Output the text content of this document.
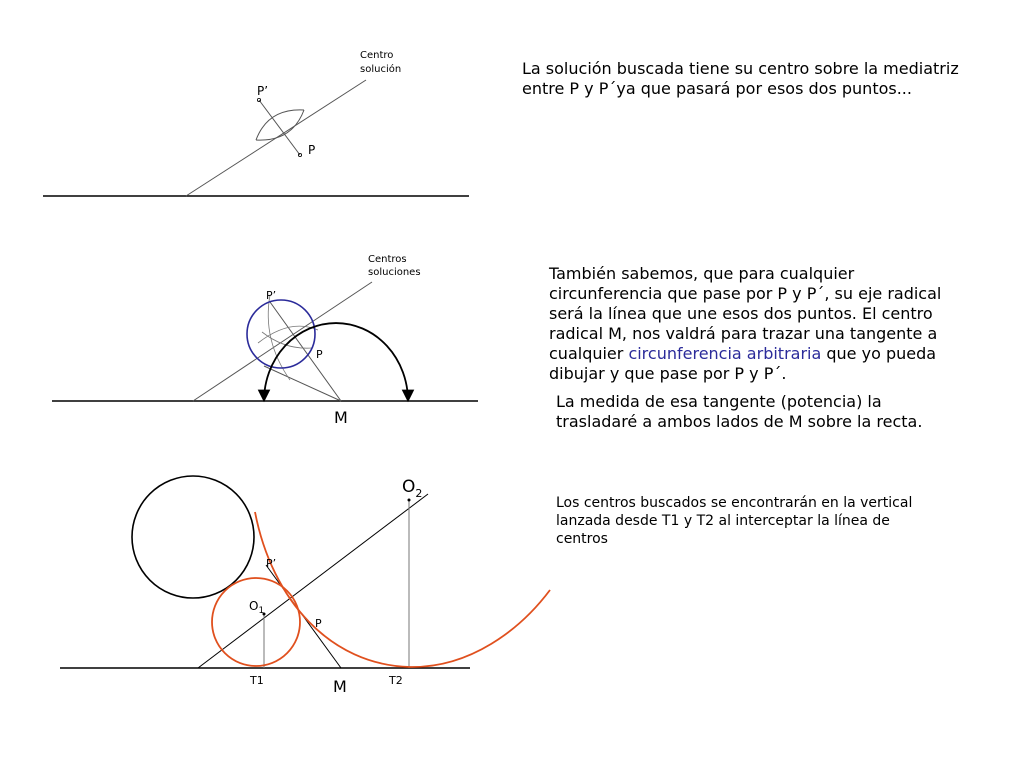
P’
P
Centro
solución
P’
P
M
Centros
soluciones
$O_2$
$O_1$
P’
P
T1	T2
M

La solución buscada tiene su centro sobre la mediatriz entre P y P´ya que pasará por esos dos puntos...

También sabemos, que para cualquier circunferencia que pase por P y P´, su eje radical será la línea que une esos dos puntos. El centro radical M, nos valdrá para trazar una tangente a cualquier circunferencia arbitraria que yo pueda dibujar y que pase por P y P´.

La medida de esa tangente (potencia) la trasladaré a ambos lados de M sobre la recta.

Los centros buscados se encontrarán en la vertical lanzada desde T1 y T2 al interceptar la línea de centros
